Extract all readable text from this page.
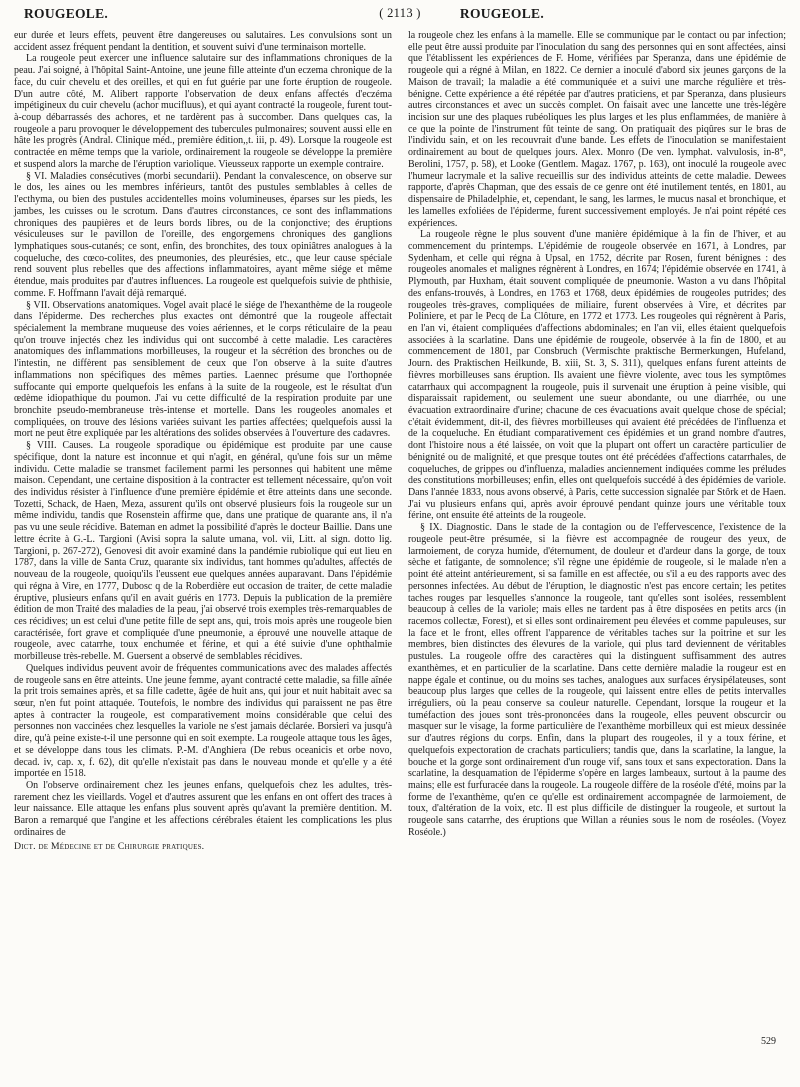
ROUGEOLE.	( 2113 )	ROUGEOLE.

eur durée et leurs effets, peuvent être dangereuses ou salutaires. Les convulsions sont un accident assez fréquent pendant la dentition, et souvent suivi d'une terminaison mortelle.

La rougeole peut exercer une influence salutaire sur des inflammations chroniques de la peau. J'ai soigné, à l'hôpital Saint-Antoine, une jeune fille atteinte d'un eczema chronique de la face, du cuir chevelu et des oreilles, et qui en fut guérie par une forte éruption de rougeole. D'un autre côté, M. Alibert rapporte l'observation de deux enfans affectés d'eczéma impétigineux du cuir chevelu (achor mucifluus), et qui ayant contracté la rougeole, furent tout-à-coup débarrassés des achores, et ne tardèrent pas à succomber. Dans quelques cas, la rougeole a paru provoquer le développement des tubercules pulmonaires; souvent aussi elle en hâte les progrès (Andral. Clinique méd., première édition,,t. iii, p. 49). Lorsque la rougeole est contractée en même temps que la variole, ordinairement la rougeole se développe la première et suspend alors la marche de l'éruption variolique. Vieusseux rapporte un exemple contraire.

§ VI. Maladies consécutives (morbi secundarii). Pendant la convalescence, on observe sur le dos, les aines ou les membres inférieurs, tantôt des pustules semblables à celles de l'ecthyma, ou bien des pustules accidentelles moins volumineuses, éparses sur les pieds, les jambes, les cuisses ou le scrotum. Dans d'autres circonstances, ce sont des inflammations chroniques des paupières et de leurs bords libres, ou de la conjonctive; des éruptions vésiculeuses sur le pavillon de l'oreille, des engorgemens chroniques des ganglions lymphatiques sous-cutanés; ce sont, enfin, des bronchites, des toux opiniâtres analogues à la coqueluche, des cœco-colites, des pneumonies, des pleurésies, etc., que leur cause spéciale rend souvent plus rebelles que des affections inflammatoires, ayant même siége et même étendue, mais produites par d'autres influences. La rougeole est quelquefois suivie de phthisie, comme. F. Hoffmann l'avait déjà remarqué.

§ VII. Observations anatomiques. Vogel avait placé le siége de l'hexanthème de la rougeole dans l'épiderme. Des recherches plus exactes ont démontré que la rougeole affectait spécialement la membrane muqueuse des voies aériennes, et le corps réticulaire de la peau qu'on trouve injectés chez les individus qui ont succombé à cette maladie. Les caractères anatomiques des inflammations morbilleuses, la rougeur et la sécrétion des bronches ou de l'intestin, ne diffèrent pas sensiblement de ceux que l'on observe à la suite d'autres inflammations non spécifiques des mêmes parties. Laennec présume que l'orthopnée suffocante qui emporte quelquefois les enfans à la suite de la rougeole, est le résultat d'un œdème idiopathique du poumon. J'ai vu cette difficulté de la respiration produite par une bronchite pseudo-membraneuse très-intense et mortelle. Dans les rougeoles anomales et compliquées, on trouve des lésions variées suivant les parties affectées; quelquefois aussi la mort ne peut être expliquée par les altérations des solides observées à l'ouverture des cadavres.

§ VIII. Causes. La rougeole sporadique ou épidémique est produite par une cause spécifique, dont la nature est inconnue et qui n'agit, en général, qu'une fois sur un même individu. Cette maladie se transmet facilement parmi les personnes qui habitent une même maison. Cependant, une certaine disposition à la contracter est tellement nécessaire, qu'on voit des individus résister à l'influence d'une première épidémie et être atteints dans une seconde. Tozetti, Schack, de Haen, Meza, assurent qu'ils ont observé plusieurs fois la rougeole sur un même individu, tandis que Rosenstein affirme que, dans une pratique de quarante ans, il n'a pas vu une seule récidive. Bateman en admet la possibilité d'après le docteur Baillie. Dans une lettre écrite à G.-L. Targioni (Avisi sopra la salute umana, vol. vii, Litt. al sign. dotto lig. Targioni, p. 267-272), Genovesi dit avoir examiné dans la pandémie rubiolique qui eut lieu en 1787, dans la ville de Santa Cruz, quarante six individus, tant hommes qu'adultes, affectés de nouveau de la rougeole, quoiqu'ils l'eussent eue quelques années auparavant. Dans l'épidémie qui régna à Vire, en 1777, Dubosc q de la Roberdière eut occasion de traiter, de cette maladie éruptive, plusieurs enfans qu'il en avait guéris en 1773. Depuis la publication de la première édition de mon Traité des maladies de la peau, j'ai observé trois exemples très-remarquables de ces récidives; un est celui d'une petite fille de sept ans, qui, trois mois après une rougeole bien caractérisée, fort grave et compliquée d'une pneumonie, a éprouvé une nouvelle attaque de rougeole, avec catarrhe, toux enchumée et férine, et qui a été suivie d'une ophthalmie morbilleuse très-rebelle. M. Guersent a observé de semblables récidives.

Quelques individus peuvent avoir de fréquentes communications avec des malades affectés de rougeole sans en être atteints. Une jeune femme, ayant contracté cette maladie, sa fille aînée la prit trois semaines après, et sa fille cadette, âgée de huit ans, qui jour et nuit habitait avec sa sœur, n'en fut point attaquée. Toutefois, le nombre des individus qui paraissent ne pas être aptes à contracter la rougeole, est comparativement moins considérable que celui des personnes non vaccinées chez lesquelles la variole ne s'est jamais déclarée. Borsieri va jusqu'à dire, qu'à peine existe-t-il une personne qui en soit exempte. La rougeole attaque tous les âges, et se développe dans tous les climats. P.-M. d'Anghiera (De rebus oceanicis et orbe novo, decad. iv, cap. x, f. 62), dit qu'elle n'existait pas dans le nouveau monde et qu'elle y a été importée en 1518.

On l'observe ordinairement chez les jeunes enfans, quelquefois chez les adultes, très-rarement chez les vieillards. Vogel et d'autres assurent que les enfans en ont offert des traces à leur naissance. Elle attaque les enfans plus souvent après qu'avant la première dentition. M. Baron a remarqué que l'angine et les affections cérébrales étaient les complications les plus ordinaires de

Dict. de Médecine et de Chirurgie pratiques.

la rougeole chez les enfans à la mamelle. Elle se communique par le contact ou par infection; elle peut être aussi produite par l'inoculation du sang des personnes qui en sont affectées, ainsi que l'établissent les expériences de F. Home, vérifiées par Speranza, dans une épidémie de rougeole qui a régné à Milan, en 1822. Ce dernier a inoculé d'abord six jeunes garçons de la Maison de travail; la maladie a été communiquée et a suivi une marche régulière et très-bénigne. Cette expérience a été répétée par d'autres praticiens, et par Speranza, dans plusieurs autres circonstances et avec un succès complet. On faisait avec une lancette une très-légère incision sur une des plaques rubéoliques les plus larges et les plus enflammées, de manière à ce que la pointe de l'instrument fût teinte de sang. On pratiquait des piqûres sur le bras de l'individu sain, et on les recouvrait d'une bande. Les effets de l'inoculation se manifestaient ordinairement au bout de quelques jours. Alex. Monro (De ven. lymphat. valvulosis, in-8°, Berolini, 1757, p. 58), et Looke (Gentlem. Magaz. 1767, p. 163), ont inoculé la rougeole avec l'humeur lacrymale et la salive recueillis sur des individus atteints de cette maladie. Dewees rapporte, d'après Chapman, que des essais de ce genre ont été inutilement tentés, en 1801, au dispensaire de Philadelphie, et, cependant, le sang, les larmes, le mucus nasal et bronchique, et les lamelles exfoliées de l'épiderme, furent successivement employés. Je n'ai point répété ces expériences.

La rougeole règne le plus souvent d'une manière épidémique à la fin de l'hiver, et au commencement du printemps. L'épidémie de rougeole observée en 1671, à Londres, par Sydenham, et celle qui régna à Upsal, en 1752, décrite par Rosen, furent bénignes : des rougeoles anomales et malignes régnèrent à Londres, en 1674; l'épidémie observée en 1741, à Plymouth, par Huxham, était souvent compliquée de pneumonie. Waston a vu dans l'hôpital des enfans-trouvés, à Londres, en 1763 et 1768, deux épidémies de rougeoles putrides; des rougeoles très-graves, compliquées de miliaire, furent observées à Vire, et décrites par Poliniere, et par le Pecq de La Clôture, en 1772 et 1773. Les rougeoles qui régnèrent à Paris, en l'an vi, étaient compliquées d'affections abdominales; en l'an vii, elles étaient quelquefois associées à la scarlatine. Dans une épidémie de rougeole, observée à la fin de 1800, et au commencement de 1801, par Consbruch (Vermischte praktische Bermerkungen, Hufeland, Journ. des Praktischen Heilkunde, B. xiii, St. 3, S. 311), quelques enfans furent atteints de fièvres morbilleuses sans éruption. Ils avaient une fièvre violente, avec tous les symptômes catarrhaux qui accompagnent la rougeole, puis il survenait une éruption à peine visible, qui disparaissait rapidement, ou seulement une sueur abondante, ou une diarrhée, ou une évacuation extraordinaire d'urine; chacune de ces évacuations avait quelque chose de spécial; c'était évidemment, dit-il, des fièvres morbilleuses qui avaient été précédées de l'influenza et de la coqueluche. En étudiant comparativement ces épidémies et un grand nombre d'autres, dont l'histoire nous a été laissée, on voit que la plupart ont offert un caractère particulier de bénignité ou de malignité, et que presque toutes ont été précédées d'affections catarrhales, de coqueluches, de grippes ou d'influenza, maladies anciennement indiquées comme les préludes des constitutions morbilleuses; enfin, elles ont quelquefois succédé à des épidémies de variole. Dans l'année 1833, nous avons observé, à Paris, cette succession signalée par Stôrk et de Haen. J'ai vu plusieurs enfans qui, après avoir éprouvé pendant quinze jours une véritable toux férine, ont ensuite été atteints de la rougeole.

§ IX. Diagnostic. Dans le stade de la contagion ou de l'effervescence, l'existence de la rougeole peut-être présumée, si la fièvre est accompagnée de rougeur des yeux, de larmoiement, de coryza humide, d'éternument, de douleur et d'ardeur dans la gorge, de toux sèche et fatigante, de somnolence; s'il règne une épidémie de rougeole, si le malade n'en a point été atteint antérieurement, si sa famille en est affectée, ou s'il a eu des rapports avec des personnes infectées. Au début de l'éruption, le diagnostic n'est pas encore certain; les petites taches rouges par lesquelles s'annonce la rougeole, tant qu'elles sont isolées, ressemblent beaucoup à celles de la variole; mais elles ne tardent pas à être disposées en petits arcs (in racemos collectæ, Forest), et si elles sont ordinairement peu élevées et comme papuleuses, sur la face et le front, elles offrent l'apparence de véritables taches sur la poitrine et sur les membres, bien distinctes des élevures de la variole, qui plus tard deviennent de véritables pustules. La rougeole offre des caractères qui la distinguent suffisamment des autres exanthèmes, et en particulier de la scarlatine. Dans cette dernière maladie la rougeur est en nappe égale et continue, ou du moins ses taches, analogues aux surfaces érysipélateuses, sont beaucoup plus larges que celles de la rougeole, qui laissent entre elles de petits intervalles irréguliers, où la peau conserve sa couleur naturelle. Cependant, lorsque la rougeur et la tuméfaction des joues sont très-prononcées dans la rougeole, elles peuvent obscurcir ou masquer sur le visage, la forme particulière de l'exanthème morbilleux qui est mieux dessinée sur d'autres régions du corps. Enfin, dans la plupart des rougeoles, il y a toux férine, et quelquefois expectoration de crachats particuliers; tandis que, dans la scarlatine, la langue, la bouche et la gorge sont ordinairement d'un rouge vif, sans toux et sans expectoration. Dans la scarlatine, la desquamation de l'épiderme s'opère en larges lambeaux, surtout à la paume des mains; elle est furfuracée dans la rougeole. La rougeole diffère de la roséole d'été, moins par la forme de l'exanthème, qu'en ce qu'elle est ordinairement accompagnée de larmoiement, de toux, d'altération de la voix, etc. Il est plus difficile de distinguer la rougeole, et surtout la rougeole sans catarrhe, des éruptions que Willan a réunies sous le nom de roséoles. (Voyez Roséole.)

529
